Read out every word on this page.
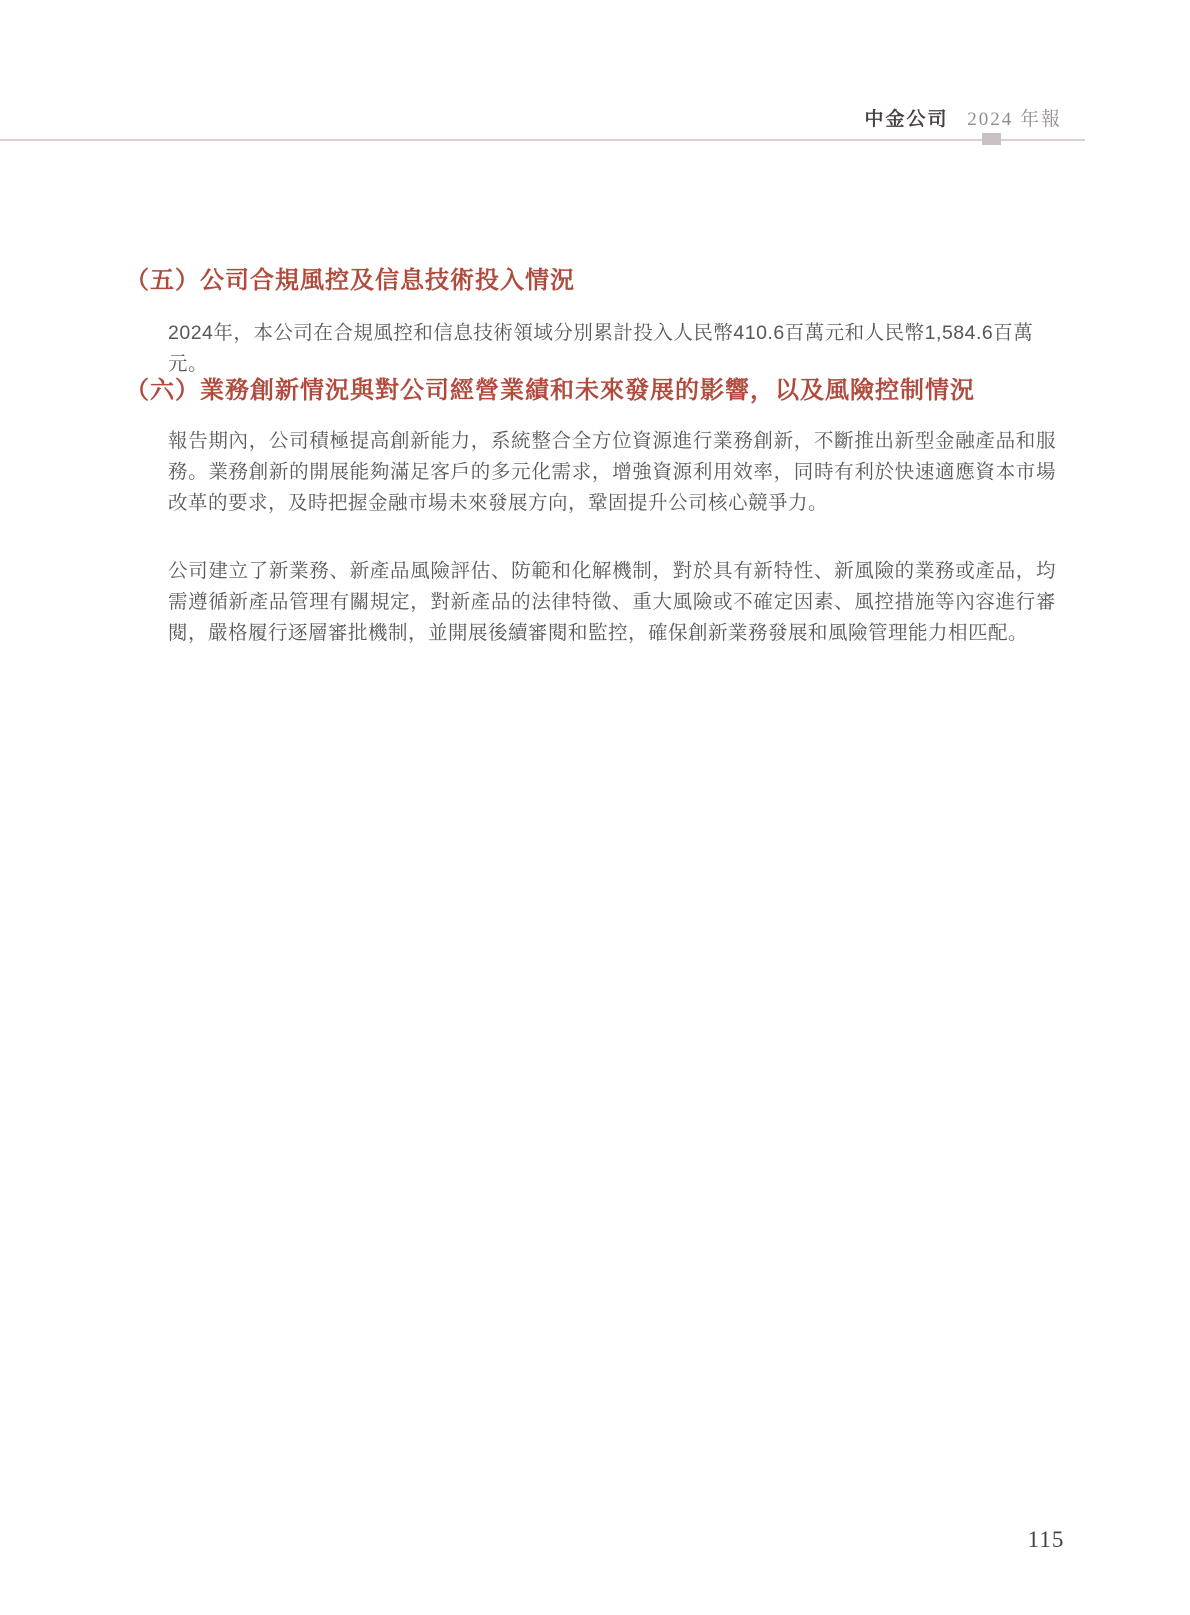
中金公司 2024 年報
（五）公司合規風控及信息技術投入情況

2024年，本公司在合規風控和信息技術領域分別累計投入人民幣410.6百萬元和人民幣1,584.6百萬元。

（六）業務創新情況與對公司經營業績和未來發展的影響，以及風險控制情況

報告期內，公司積極提高創新能力，系統整合全方位資源進行業務創新，不斷推出新型金融產品和服務。業務創新的開展能夠滿足客戶的多元化需求，增強資源利用效率，同時有利於快速適應資本市場改革的要求，及時把握金融市場未來發展方向，鞏固提升公司核心競爭力。

公司建立了新業務、新產品風險評估、防範和化解機制，對於具有新特性、新風險的業務或產品，均需遵循新產品管理有關規定，對新產品的法律特徵、重大風險或不確定因素、風控措施等內容進行審閱，嚴格履行逐層審批機制，並開展後續審閱和監控，確保創新業務發展和風險管理能力相匹配。

115
